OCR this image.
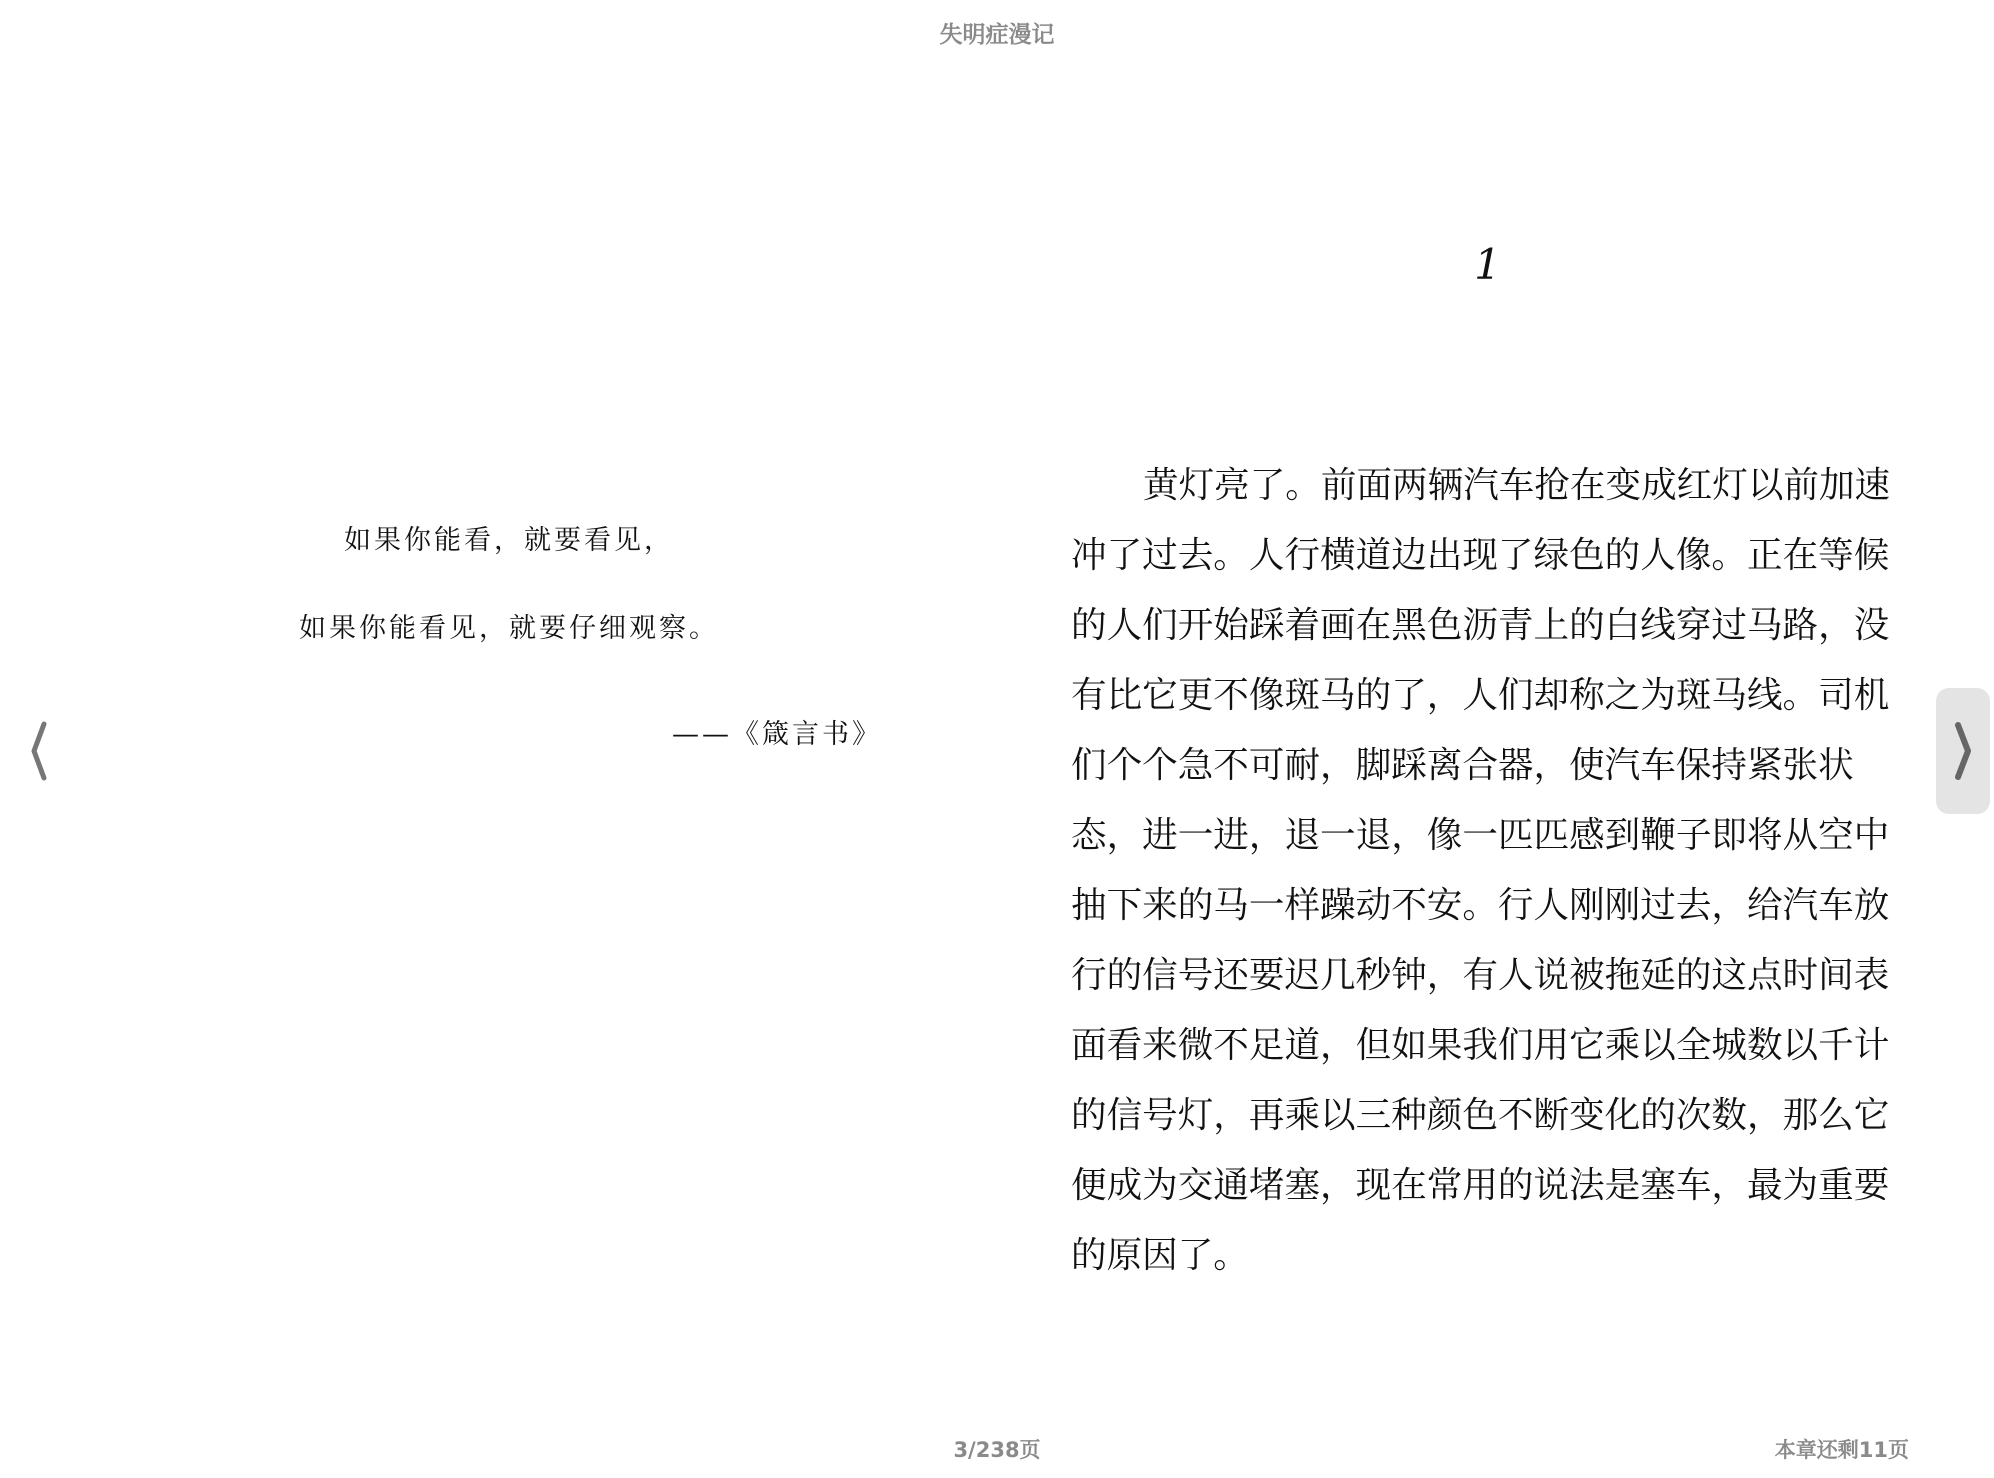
失明症漫记
如果你能看，就要看见，
如果你能看见，就要仔细观察。
——《箴言书》
1
黄灯亮了。前面两辆汽车抢在变成红灯以前加速
冲了过去。人行横道边出现了绿色的人像。正在等候
的人们开始踩着画在黑色沥青上的白线穿过马路，没
有比它更不像斑马的了，人们却称之为斑马线。司机
们个个急不可耐，脚踩离合器，使汽车保持紧张状
态，进一进，退一退，像一匹匹感到鞭子即将从空中
抽下来的马一样躁动不安。行人刚刚过去，给汽车放
行的信号还要迟几秒钟，有人说被拖延的这点时间表
面看来微不足道，但如果我们用它乘以全城数以千计
的信号灯，再乘以三种颜色不断变化的次数，那么它
便成为交通堵塞，现在常用的说法是塞车，最为重要
的原因了。
3/238页	本章还剩11页
